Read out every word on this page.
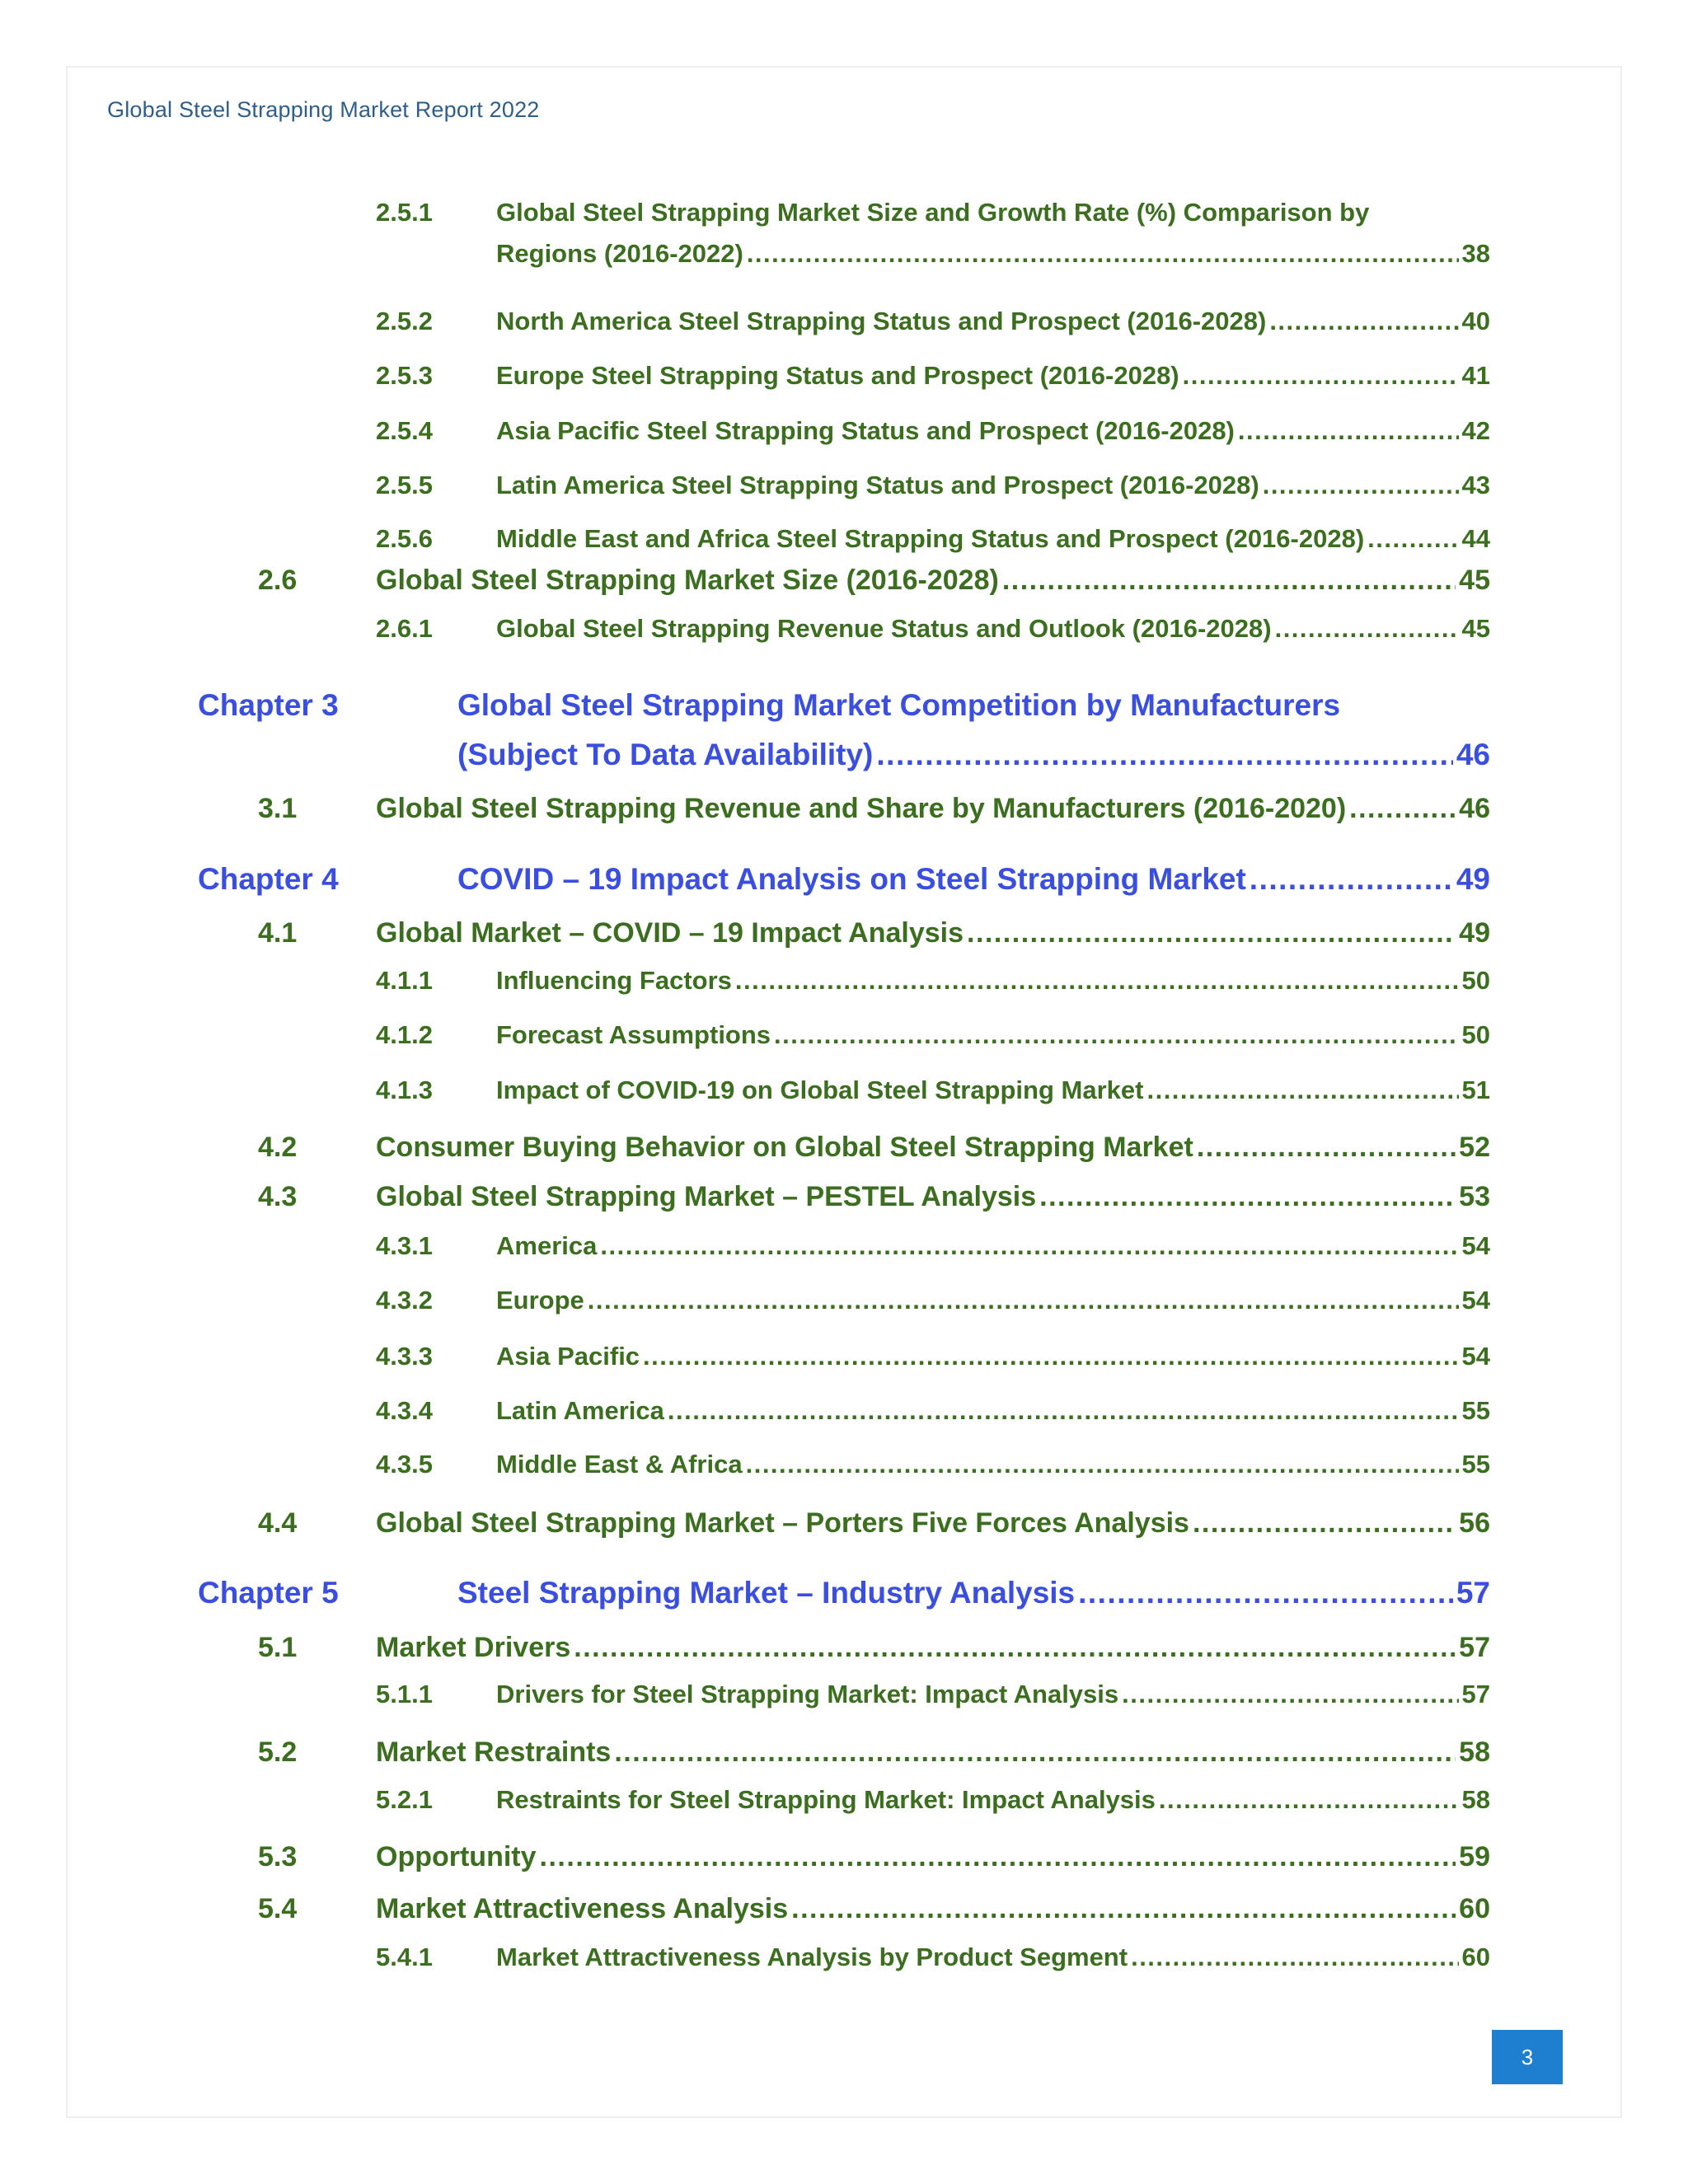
Global Steel Strapping Market Report 2022
2.5.1 Global Steel Strapping Market Size and Growth Rate (%) Comparison by
Regions (2016-2022) .....	38
2.5.2 North America Steel Strapping Status and Prospect (2016-2028) .....	40
2.5.3 Europe Steel Strapping Status and Prospect (2016-2028) .....	41
2.5.4 Asia Pacific Steel Strapping Status and Prospect (2016-2028) .....	42
2.5.5 Latin America Steel Strapping Status and Prospect (2016-2028) .....	43
2.5.6 Middle East and Africa Steel Strapping Status and Prospect (2016-2028) .....	44
2.6	Global Steel Strapping Market Size (2016-2028) .....	45
2.6.1 Global Steel Strapping Revenue Status and Outlook (2016-2028) .....	45
Chapter 3	Global Steel Strapping Market Competition by Manufacturers
(Subject To Data Availability) .....	46
3.1	Global Steel Strapping Revenue and Share by Manufacturers (2016-2020) .....	46
Chapter 4	COVID – 19 Impact Analysis on Steel Strapping Market .....	49
4.1	Global Market – COVID – 19 Impact Analysis .....	49
4.1.1 Influencing Factors .....	50
4.1.2 Forecast Assumptions .....	50
4.1.3 Impact of COVID-19 on Global Steel Strapping Market .....	51
4.2	Consumer Buying Behavior on Global Steel Strapping Market .....	52
4.3	Global Steel Strapping Market – PESTEL Analysis .....	53
4.3.1 America .....	54
4.3.2 Europe .....	54
4.3.3 Asia Pacific .....	54
4.3.4 Latin America .....	55
4.3.5 Middle East & Africa .....	55
4.4	Global Steel Strapping Market – Porters Five Forces Analysis .....	56
Chapter 5	Steel Strapping Market – Industry Analysis .....	57
5.1	Market Drivers .....	57
5.1.1 Drivers for Steel Strapping Market: Impact Analysis .....	57
5.2	Market Restraints .....	58
5.2.1 Restraints for Steel Strapping Market: Impact Analysis .....	58
5.3	Opportunity .....	59
5.4	Market Attractiveness Analysis .....	60
5.4.1 Market Attractiveness Analysis by Product Segment .....	60
3
